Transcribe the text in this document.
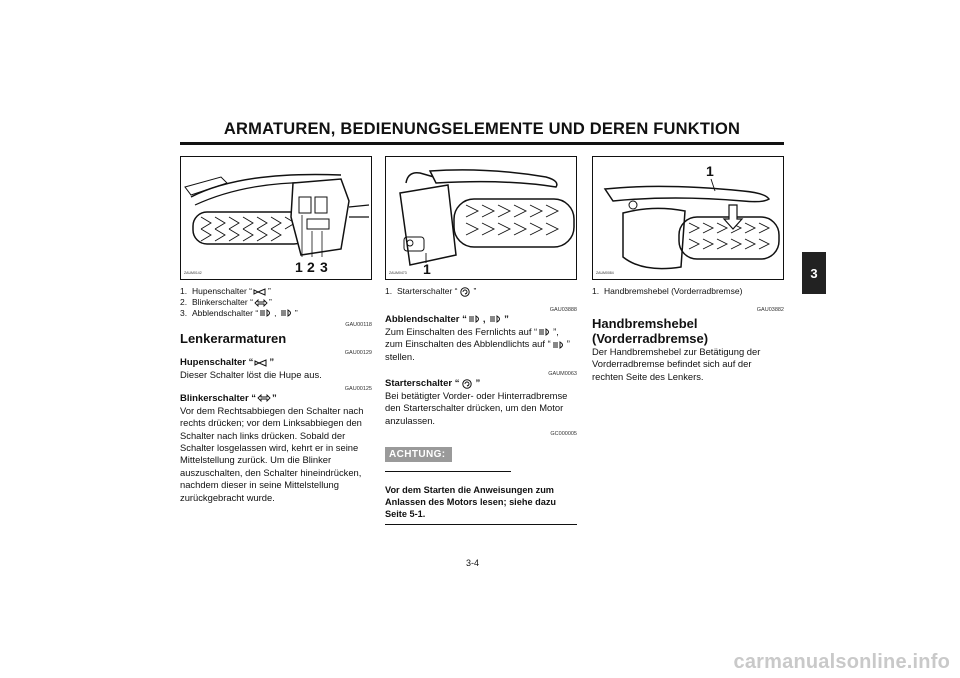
ARMATUREN, BEDIENUNGSELEMENTE UND DEREN FUNKTION
3
ZAUM0142	1 2 3
1. Hupenschalter “ ”
2. Blinkerschalter “ ”
3. Abblendschalter “ , ”
GAU00118
Lenkerarmaturen
GAU00129
Hupenschalter “ ”

Dieser Schalter löst die Hupe aus.

GAU00125
Blinkerschalter “ ”

Vor dem Rechtsabbiegen den Schalter nach rechts drücken; vor dem Linksabbiegen den Schalter nach links drücken. Sobald der Schalter losgelassen wird, kehrt er in seine Mittelstellung zurück. Um die Blinker auszuschalten, den Schalter hineindrücken, nachdem dieser in seine Mittelstellung zurückgebracht wurde.

ZAUM0473 1
1. Starterschalter “ ”
GAU03888
Abblendschalter “ , ”

Zum Einschalten des Fernlichts auf “ ”, zum Einschalten des Abblendlichts auf “ ” stellen.

GAUM0063
Starterschalter “ ”

Bei betätigter Vorder- oder Hinterradbremse den Starterschalter drücken, um den Motor anzulassen.

GC000005
ACHTUNG:
Vor dem Starten die Anweisungen zum Anlassen des Motors lesen; siehe dazu Seite 5-1.
ZAUM0084
1
1. Handbremshebel (Vorderradbremse)
GAU03882
Handbremshebel (Vorderradbremse)

Der Handbremshebel zur Betätigung der Vorderradbremse befindet sich auf der rechten Seite des Lenkers.

3-4
carmanualsonline.info
